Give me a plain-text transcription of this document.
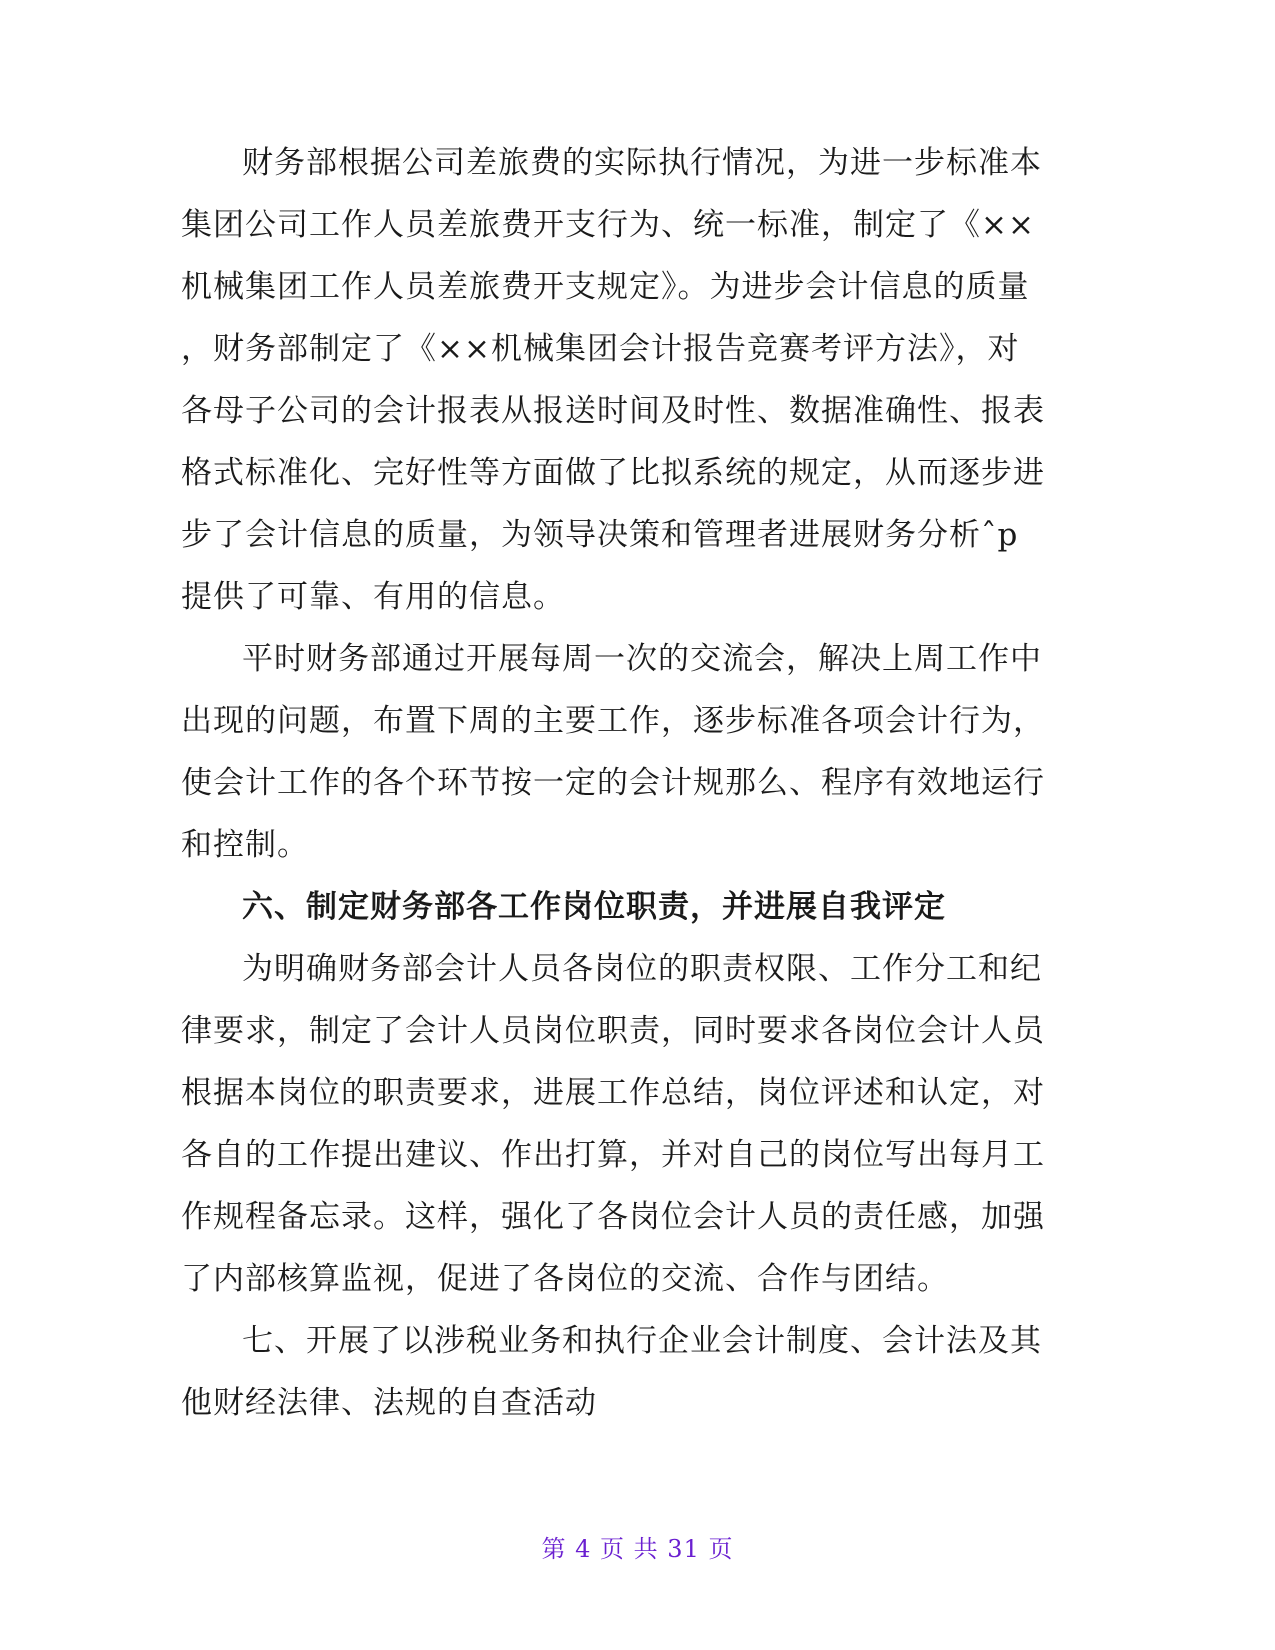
财务部根据公司差旅费的实际执行情况，为进一步标准本
集团公司工作人员差旅费开支行为、统一标准，制定了《××
机械集团工作人员差旅费开支规定》。为进步会计信息的质量
，财务部制定了《××机械集团会计报告竞赛考评方法》，对
各母子公司的会计报表从报送时间及时性、数据准确性、报表
格式标准化、完好性等方面做了比拟系统的规定，从而逐步进
步了会计信息的质量，为领导决策和管理者进展财务分析ˆp
提供了可靠、有用的信息。
平时财务部通过开展每周一次的交流会，解决上周工作中
出现的问题，布置下周的主要工作，逐步标准各项会计行为，
使会计工作的各个环节按一定的会计规那么、程序有效地运行
和控制。
六、制定财务部各工作岗位职责，并进展自我评定
为明确财务部会计人员各岗位的职责权限、工作分工和纪
律要求，制定了会计人员岗位职责，同时要求各岗位会计人员
根据本岗位的职责要求，进展工作总结，岗位评述和认定，对
各自的工作提出建议、作出打算，并对自己的岗位写出每月工
作规程备忘录。这样，强化了各岗位会计人员的责任感，加强
了内部核算监视，促进了各岗位的交流、合作与团结。
七、开展了以涉税业务和执行企业会计制度、会计法及其
他财经法律、法规的自查活动
第 4 页 共 31 页
